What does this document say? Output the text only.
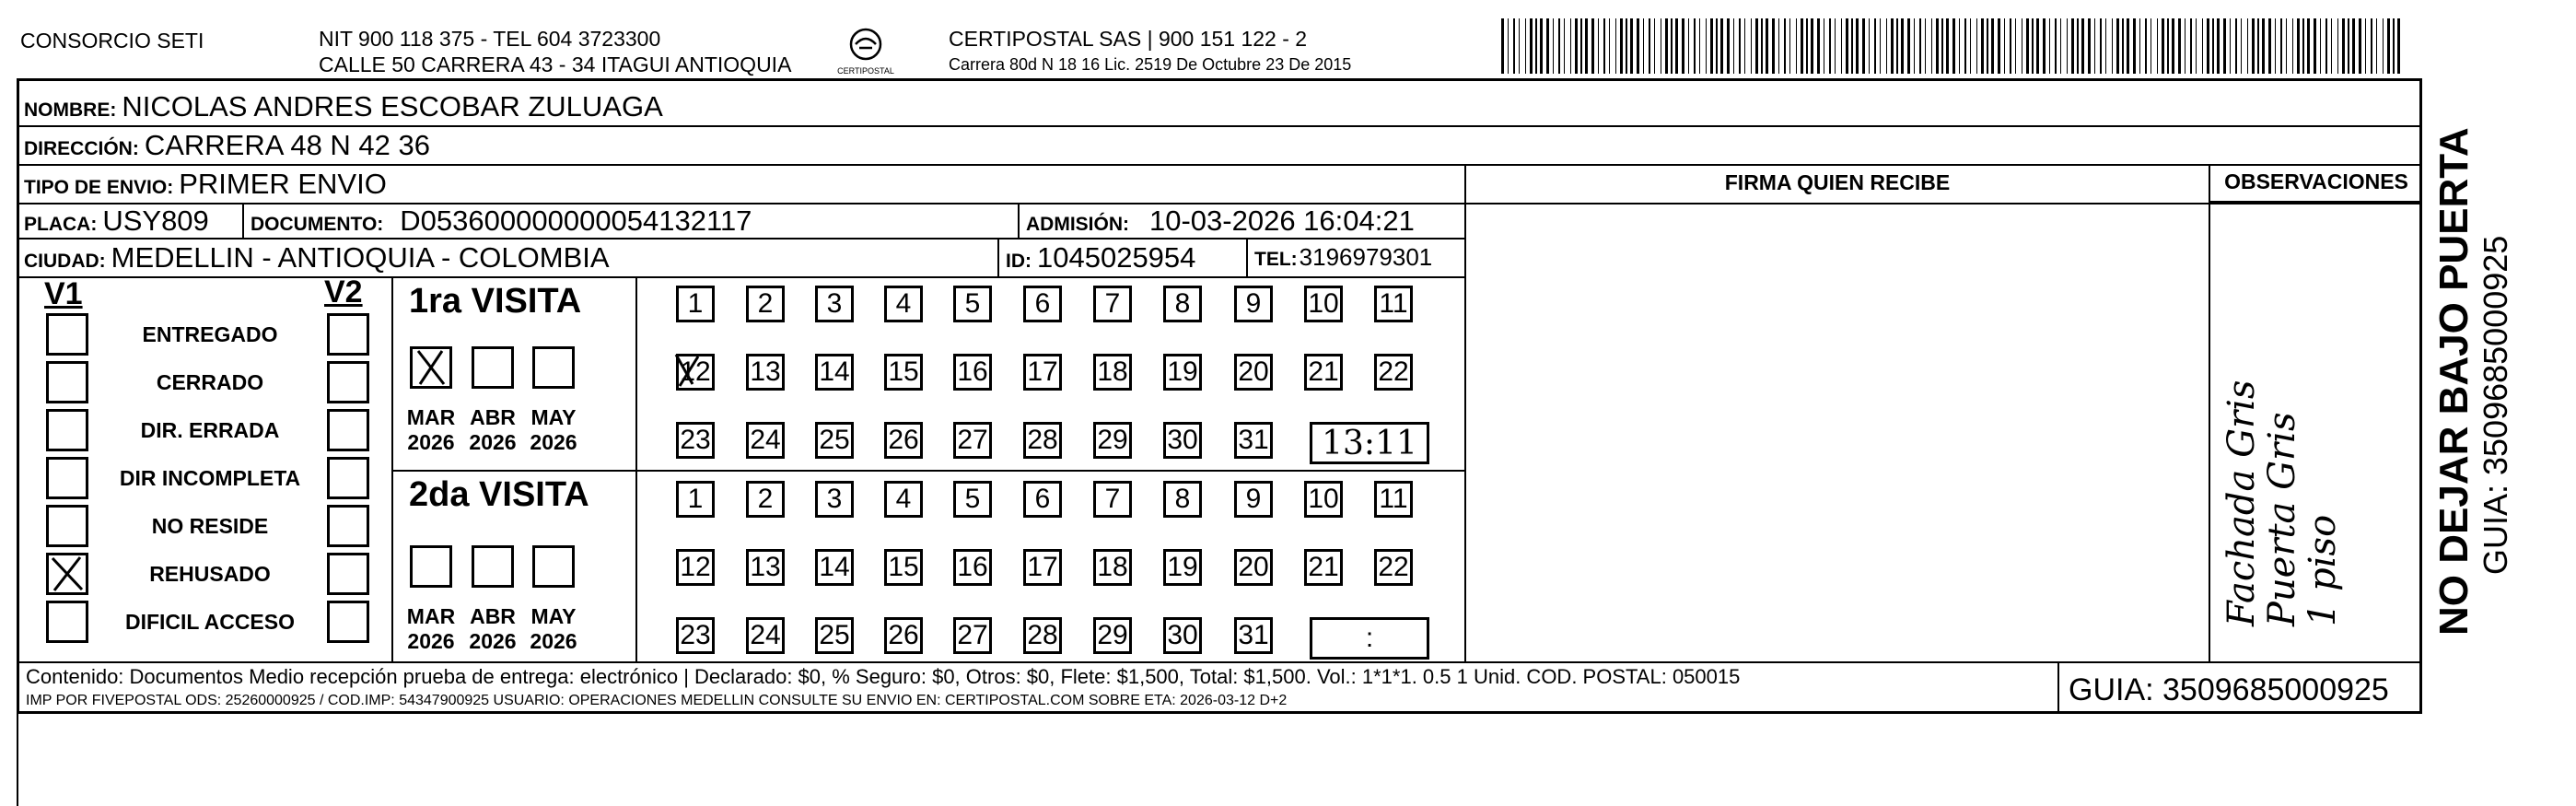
CONSORCIO SETI	NIT 900 118 375 - TEL 604 3723300
CALLE 50 CARRERA 43 - 34 ITAGUI ANTIOQUIA	CERTIPOSTAL
CERTIPOSTAL SAS | 900 151 122 - 2
Carrera 80d N 18 16 Lic. 2519 De Octubre 23 De 2015
NOMBRE: NICOLAS ANDRES ESCOBAR ZULUAGA
DIRECCIÓN: CARRERA 48 N 42 36
TIPO DE ENVIO: PRIMER ENVIO
PLACA: USY809 DOCUMENTO: D053600000000054132117	ADMISIÓN: 10-03-2026 16:04:21
CIUDAD: MEDELLIN - ANTIOQUIA - COLOMBIA	ID: 1045025954	TEL: 3196979301
FIRMA QUIEN RECIBE	OBSERVACIONES
Fachada Gris
Puerta Gris
1 piso
V1	V2
ENTREGADO
CERRADO
DIR. ERRADA
DIR INCOMPLETA
NO RESIDE
REHUSADO
DIFICIL ACCESO
1ra VISITA
2da VISITA
MAR
2026
ABR
2026
MAY
2026
MAR
2026
ABR
2026
MAY
2026
1	2	3	4	5	6	7	8	9	10 11
12 13 14 15 16 17 18 19 20 21 22
23 24 25 26 27 28 29 30 31	13:11
1	2	3	4	5	6	7	8	9	10 11
12 13 14 15 16 17 18 19 20 21 22
23 24 25 26 27 28 29 30 31	:
Contenido: Documentos Medio recepción prueba de entrega: electrónico | Declarado: $0, % Seguro: $0, Otros: $0, Flete: $1,500, Total: $1,500. Vol.: 1*1*1. 0.5 1 Unid. COD. POSTAL: 050015
IMP POR FIVEPOSTAL ODS: 25260000925 / COD.IMP: 54347900925 USUARIO: OPERACIONES MEDELLIN CONSULTE SU ENVIO EN: CERTIPOSTAL.COM SOBRE ETA: 2026-03-12 D+2	GUIA: 3509685000925
NO DEJAR BAJO PUERTA GUIA: 3509685000925
